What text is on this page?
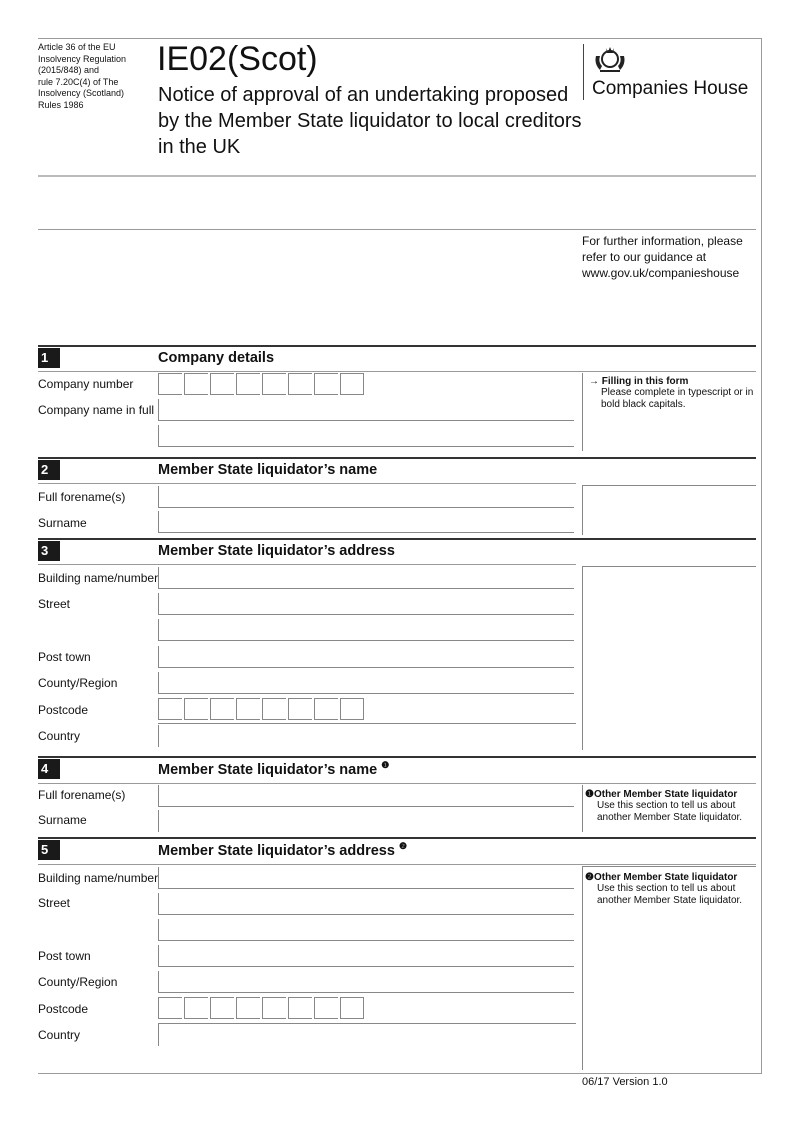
Article 36 of the EU
Insolvency Regulation
(2015/848) and
rule 7.20C(4) of The
Insolvency (Scotland)
Rules 1986
IE02(Scot)
Notice of approval of an undertaking proposed by the Member State liquidator to local creditors in the UK
Companies House
For further information, please refer to our guidance at www.gov.uk/companieshouse
1	Company details
Company number
Company name in full
→ Filling in this form
Please complete in typescript or in bold black capitals.
2	Member State liquidator’s name
Full forename(s)
Surname
3	Member State liquidator’s address
Building name/number
Street
Post town
County/Region
Postcode
Country
4	Member State liquidator’s name $^❶$
Full forename(s)
Surname
❶Other Member State liquidator
Use this section to tell us about another Member State liquidator.
5	Member State liquidator’s address $^❷$
Building name/number
Street
Post town
County/Region
Postcode
Country
❷Other Member State liquidator
Use this section to tell us about another Member State liquidator.
06/17 Version 1.0
